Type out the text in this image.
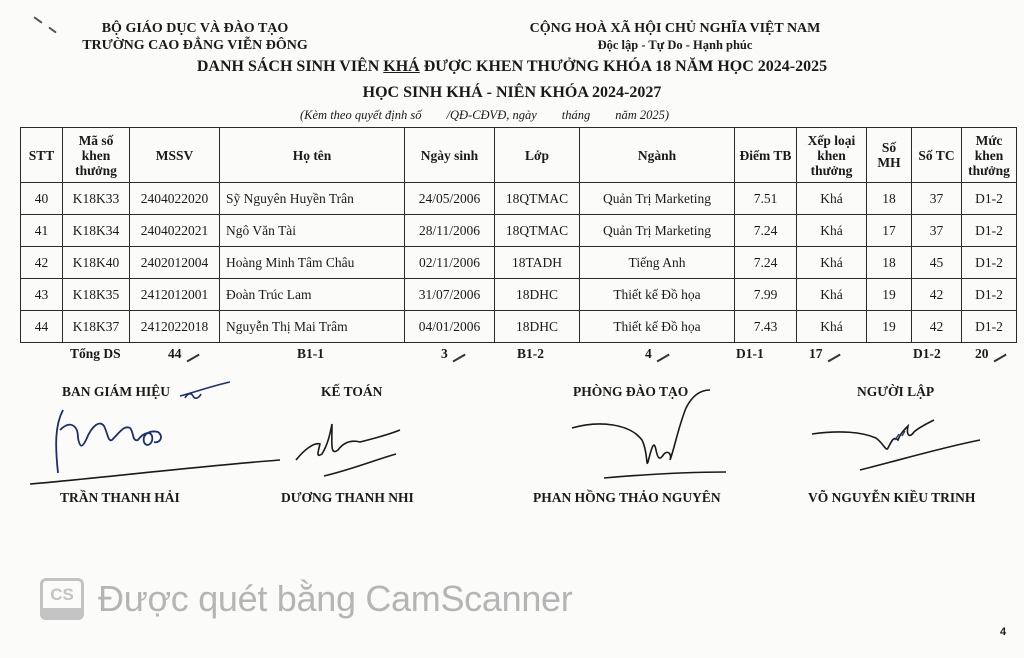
BỘ GIÁO DỤC VÀ ĐÀO TẠO
TRƯỜNG CAO ĐẲNG VIỄN ĐÔNG
CỘNG HOÀ XÃ HỘI CHỦ NGHĨA VIỆT NAM
Độc lập - Tự Do - Hạnh phúc
DANH SÁCH SINH VIÊN KHÁ ĐƯỢC KHEN THƯỞNG KHÓA 18 NĂM HỌC 2024-2025
HỌC SINH KHÁ - NIÊN KHÓA 2024-2027
(Kèm theo quyết định số        /QĐ-CĐVĐ, ngày        tháng        năm 2025)
STT	Mã số khen thưởng	MSSV	Họ tên	Ngày sinh	Lớp	Ngành	Điểm TB	Xếp loại khen thưởng	Số MH	Số TC	Mức khen thưởng
40	K18K33	2404022020	Sỹ Nguyên Huyền Trân	24/05/2006	18QTMAC	Quản Trị Marketing	7.51	Khá	18	37	D1-2
41	K18K34	2404022021	Ngô Văn Tài	28/11/2006	18QTMAC	Quản Trị Marketing	7.24	Khá	17	37	D1-2
42	K18K40	2402012004	Hoàng Minh Tâm Châu	02/11/2006	18TADH	Tiếng Anh	7.24	Khá	18	45	D1-2
43	K18K35	2412012001	Đoàn Trúc Lam	31/07/2006	18DHC	Thiết kế Đồ họa	7.99	Khá	19	42	D1-2
44	K18K37	2412022018	Nguyễn Thị Mai Trâm	04/01/2006	18DHC	Thiết kế Đồ họa	7.43	Khá	19	42	D1-2
Tổng DS	44	B1-1	3	B1-2	4	D1-1	17	D1-2	20
BAN GIÁM HIỆU	KẾ TOÁN	PHÒNG ĐÀO TẠO	NGƯỜI LẬP
TRẦN THANH HẢI	DƯƠNG THANH NHI	PHAN HỒNG THẢO NGUYÊN	VÕ NGUYỄN KIỀU TRINH
CS Được quét bằng CamScanner
4
